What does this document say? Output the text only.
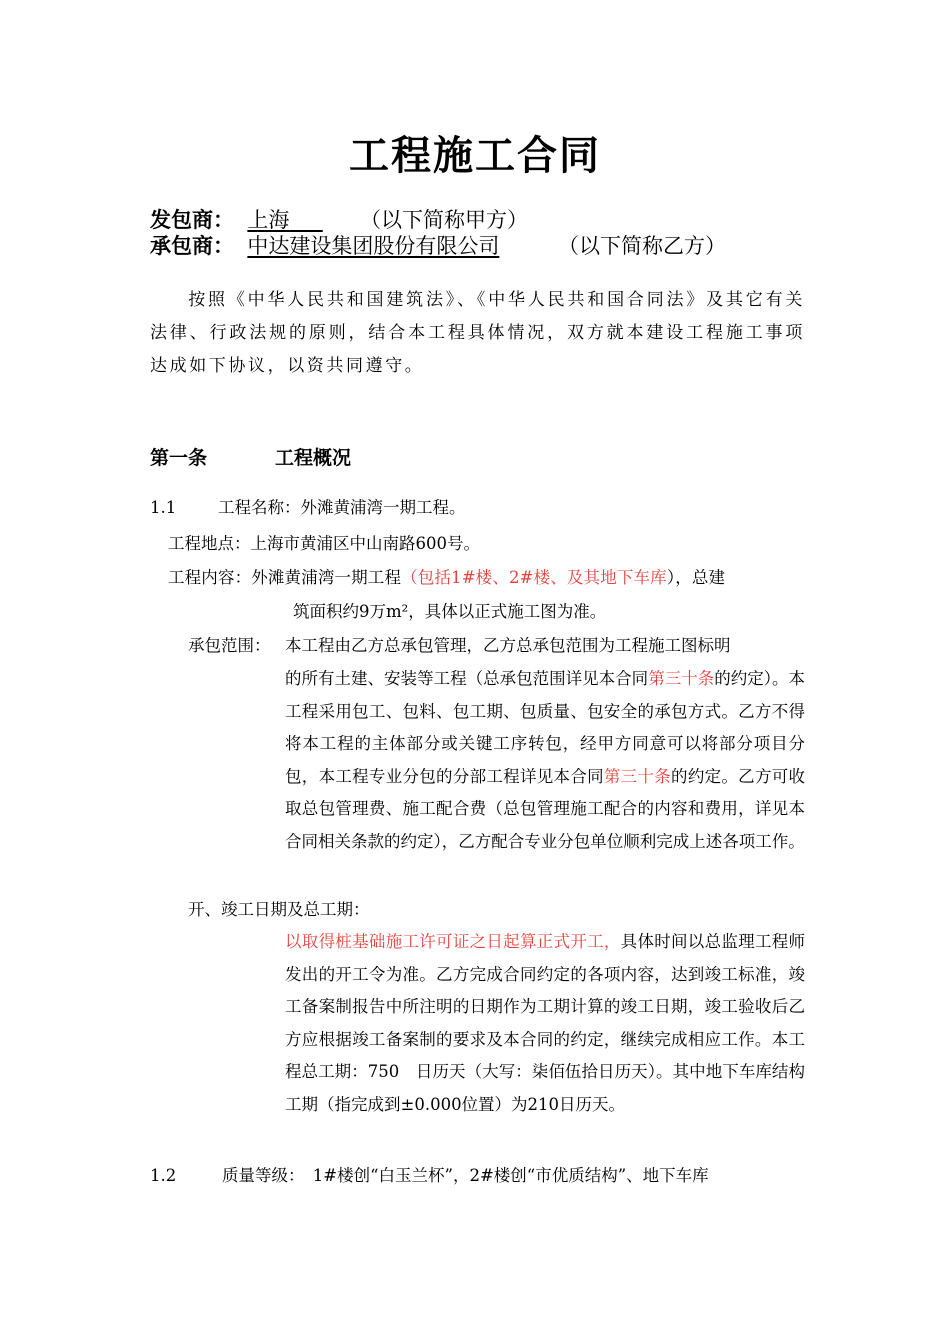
工程施工合同
发包商： 上海	（以下简称甲方）
承包商： 中达建设集团股份有限公司	（以下简称乙方）
按照《中华人民共和国建筑法》、《中华人民共和国合同法》及其它有关法律、行政法规的原则，结合本工程具体情况，双方就本建设工程施工事项达成如下协议，以资共同遵守。
第一条	工程概况
1.1	工程名称：外滩黄浦湾一期工程。
工程地点：上海市黄浦区中山南路600号。
工程内容：外滩黄浦湾一期工程（包括1#楼、2#楼、及其地下车库），总建
筑面积约9万m²，具体以正式施工图为准。
承包范围： 本工程由乙方总承包管理，乙方总承包范围为工程施工图标明
的所有土建、安装等工程（总承包范围详见本合同第三十条的约定）。本工程采用包工、包料、包工期、包质量、包安全的承包方式。乙方不得将本工程的主体部分或关键工序转包，经甲方同意可以将部分项目分包，本工程专业分包的分部工程详见本合同第三十条的约定。乙方可收取总包管理费、施工配合费（总包管理施工配合的内容和费用，详见本合同相关条款的约定），乙方配合专业分包单位顺利完成上述各项工作。
开、竣工日期及总工期：
以取得桩基础施工许可证之日起算正式开工，具体时间以总监理工程师发出的开工令为准。乙方完成合同约定的各项内容，达到竣工标准，竣工备案制报告中所注明的日期作为工期计算的竣工日期，竣工验收后乙方应根据竣工备案制的要求及本合同的约定，继续完成相应工作。本工程总工期：750　日历天（大写：柒佰伍拾日历天）。其中地下车库结构工期（指完成到±0.000位置）为210日历天。
1.2	质量等级：　1#楼创“白玉兰杯”，2#楼创“市优质结构”、地下车库
